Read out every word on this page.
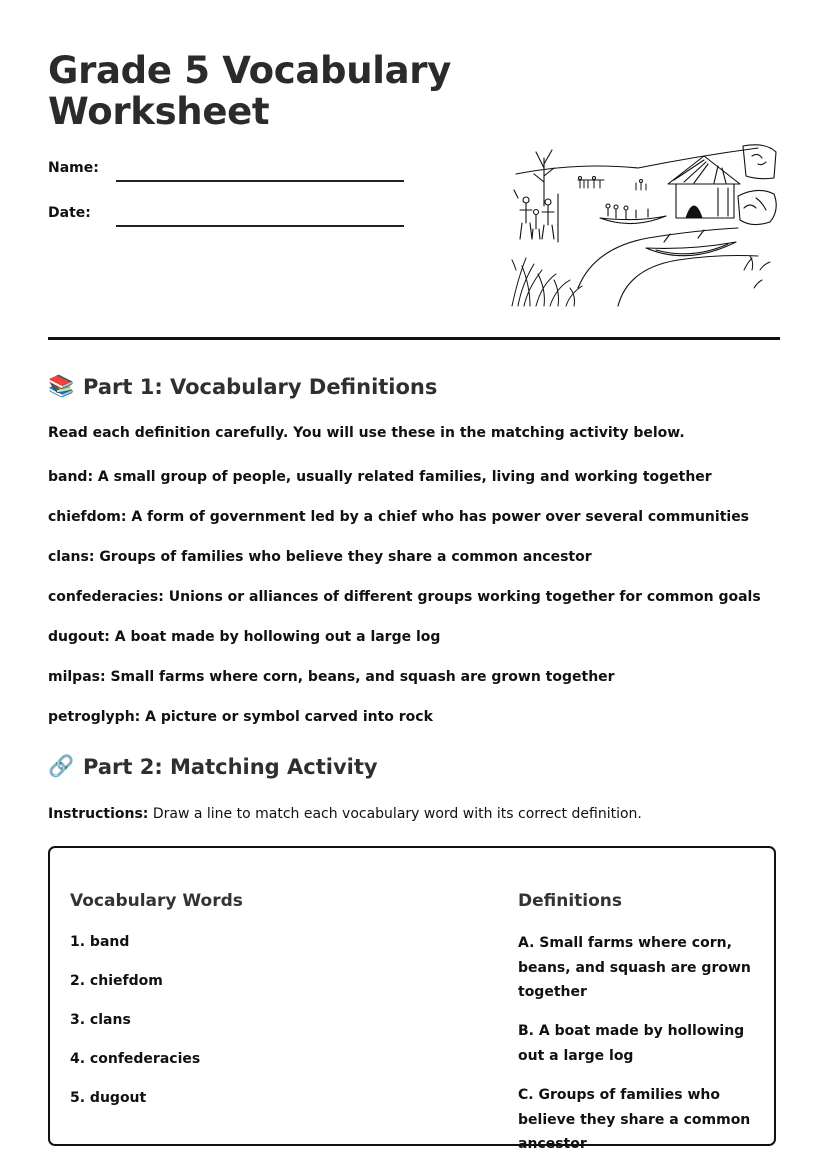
Grade 5 Vocabulary Worksheet
Name:
Date:
📚 Part 1: Vocabulary Definitions
Read each definition carefully. You will use these in the matching activity below.
band: A small group of people, usually related families, living and working together
chiefdom: A form of government led by a chief who has power over several communities
clans: Groups of families who believe they share a common ancestor
confederacies: Unions or alliances of different groups working together for common goals
dugout: A boat made by hollowing out a large log
milpas: Small farms where corn, beans, and squash are grown together
petroglyph: A picture or symbol carved into rock
🔗 Part 2: Matching Activity
Instructions: Draw a line to match each vocabulary word with its correct definition.
Vocabulary Words	Definitions
1. band
2. chiefdom
3. clans
4. confederacies
5. dugout
A. Small farms where corn, beans, and squash are grown together
B. A boat made by hollowing out a large log
C. Groups of families who believe they share a common ancestor
